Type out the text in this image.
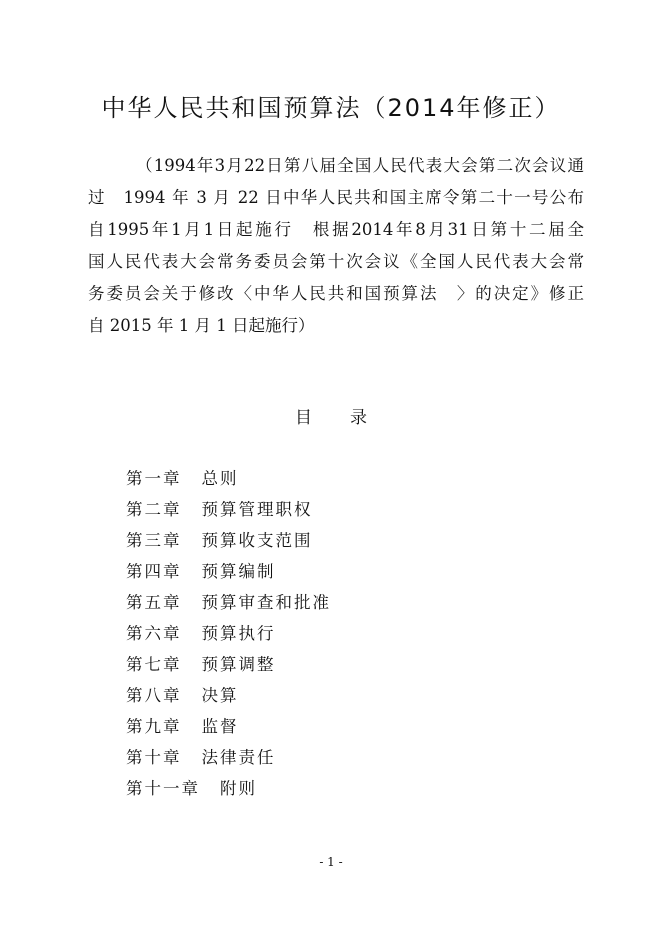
中华人民共和国预算法（2014年修正）

（1994年3月22日第八届全国人民代表大会第二次会议通

过　1994 年 3 月 22 日中华人民共和国主席令第二十一号公布

自1995年1月1日起施行　根据2014年8月31日第十二届全

国人民代表大会常务委员会第十次会议《全国人民代表大会常

务委员会关于修改〈中华人民共和国预算法　〉的决定》修正

自 2015 年 1 月 1 日起施行）

目 录
第一章 总则
第二章 预算管理职权
第三章 预算收支范围
第四章 预算编制
第五章 预算审查和批准
第六章 预算执行
第七章 预算调整
第八章 决算
第九章 监督
第十章 法律责任
第十一章 附则
- 1 -
